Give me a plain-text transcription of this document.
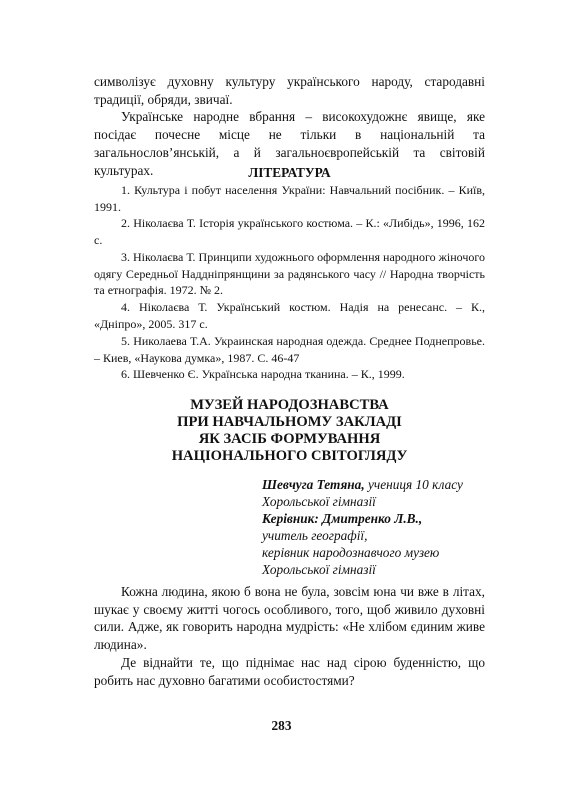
символізує духовну культуру українського народу, стародавні традиції, обряди, звичаї.

Українське народне вбрання – високохудожнє явище, яке посідає почесне місце не тільки в національній та загальнослов’янській, а й загальноєвропейській та світовій культурах.	ЛІТЕРАТУРА

1. Культура і побут населення України: Навчальний посібник. – Київ, 1991.

2. Ніколаєва Т. Історія українського костюма. – К.: «Либідь», 1996, 162 с.

3. Ніколаєва Т. Принципи художнього оформлення народного жіночого одягу Середньої Наддніпрянщини за радянського часу // Народна творчість та етнографія. 1972. № 2.

4. Ніколаєва Т. Український костюм. Надія на ренесанс. – К., «Дніпро», 2005. 317 с.

5. Николаева Т.А. Украинская народная одежда. Среднее Поднепровье. – Киев, «Наукова думка», 1987. С. 46-47

6. Шевченко Є. Українська народна тканина. – К., 1999.

МУЗЕЙ НАРОДОЗНАВСТВА

ПРИ НАВЧАЛЬНОМУ ЗАКЛАДІ

ЯК ЗАСІБ ФОРМУВАННЯ

НАЦІОНАЛЬНОГО СВІТОГЛЯДУ

Шевчуга Тетяна, учениця 10 класу
Хорольської гімназії
Керівник: Дмитренко Л.В.,
учитель географії,
керівник народознавчого музею
Хорольської гімназії

Кожна людина, якою б вона не була, зовсім юна чи вже в літах, шукає у своєму житті чогось особливого, того, щоб живило духовні сили. Адже, як говорить народна мудрість: «Не хлібом єдиним живе людина».

Де віднайти те, що піднімає нас над сірою буденністю, що робить нас духовно багатими особистостями?

283
